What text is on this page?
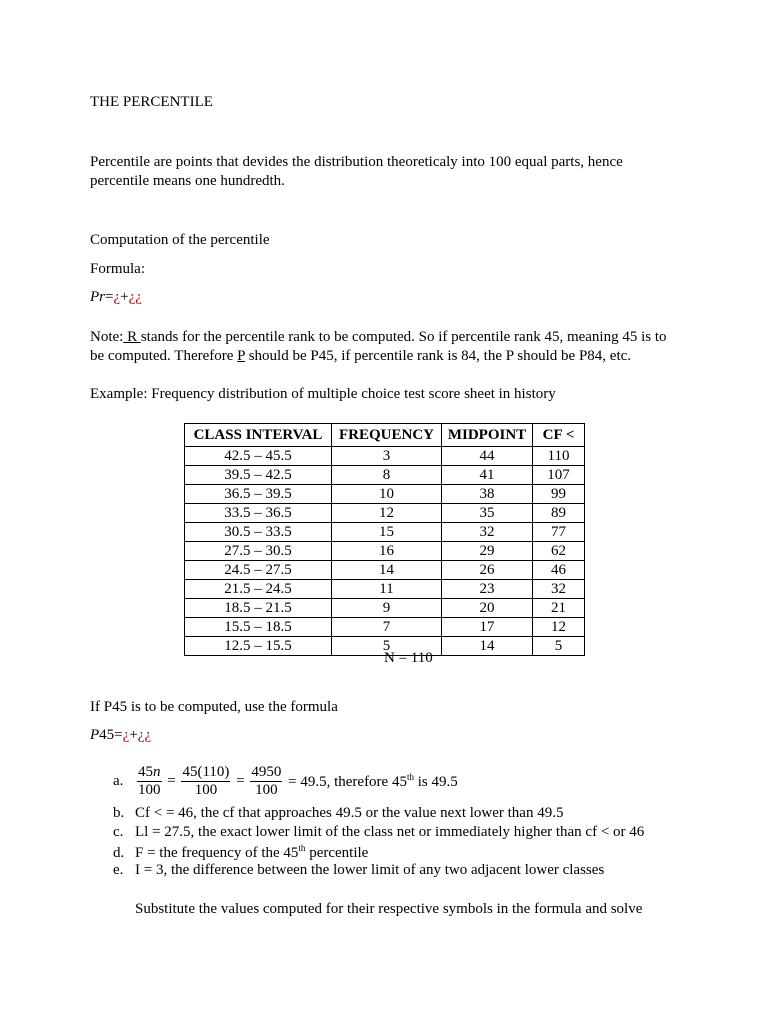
THE PERCENTILE
Percentile are points that devides the distribution theoreticaly into 100 equal parts, hence percentile means one hundredth.
Computation of the percentile
Formula:
Pr=¿+¿¿
Note: R stands for the percentile rank to be computed. So if percentile rank 45, meaning 45 is to be computed. Therefore P should be P45, if percentile rank is 84, the P should be P84, etc.
Example: Frequency distribution of multiple choice test score sheet in history
CLASS INTERVAL	FREQUENCY	MIDPOINT	CF <
42.5 – 45.5	3	44	110
39.5 – 42.5	8	41	107
36.5 – 39.5	10	38	99
33.5 – 36.5	12	35	89
30.5 – 33.5	15	32	77
27.5 – 30.5	16	29	62
24.5 – 27.5	14	26	46
21.5 – 24.5	11	23	32
18.5 – 21.5	9	20	21
15.5 – 18.5	7	17	12
12.5 – 15.5	5	14	5
N = 110
If P45 is to be computed, use the formula
P45=¿+¿¿
a. $\frac{45n}{100} = \frac{45(110)}{100} = \frac{4950}{100} = 49.5$, therefore 45th is 49.5
b. Cf < = 46, the cf that approaches 49.5 or the value next lower than 49.5
c. Ll = 27.5, the exact lower limit of the class net or immediately higher than cf < or 46
d. F = the frequency of the 45th percentile
e. I = 3, the difference between the lower limit of any two adjacent lower classes
Substitute the values computed for their respective symbols in the formula and solve
